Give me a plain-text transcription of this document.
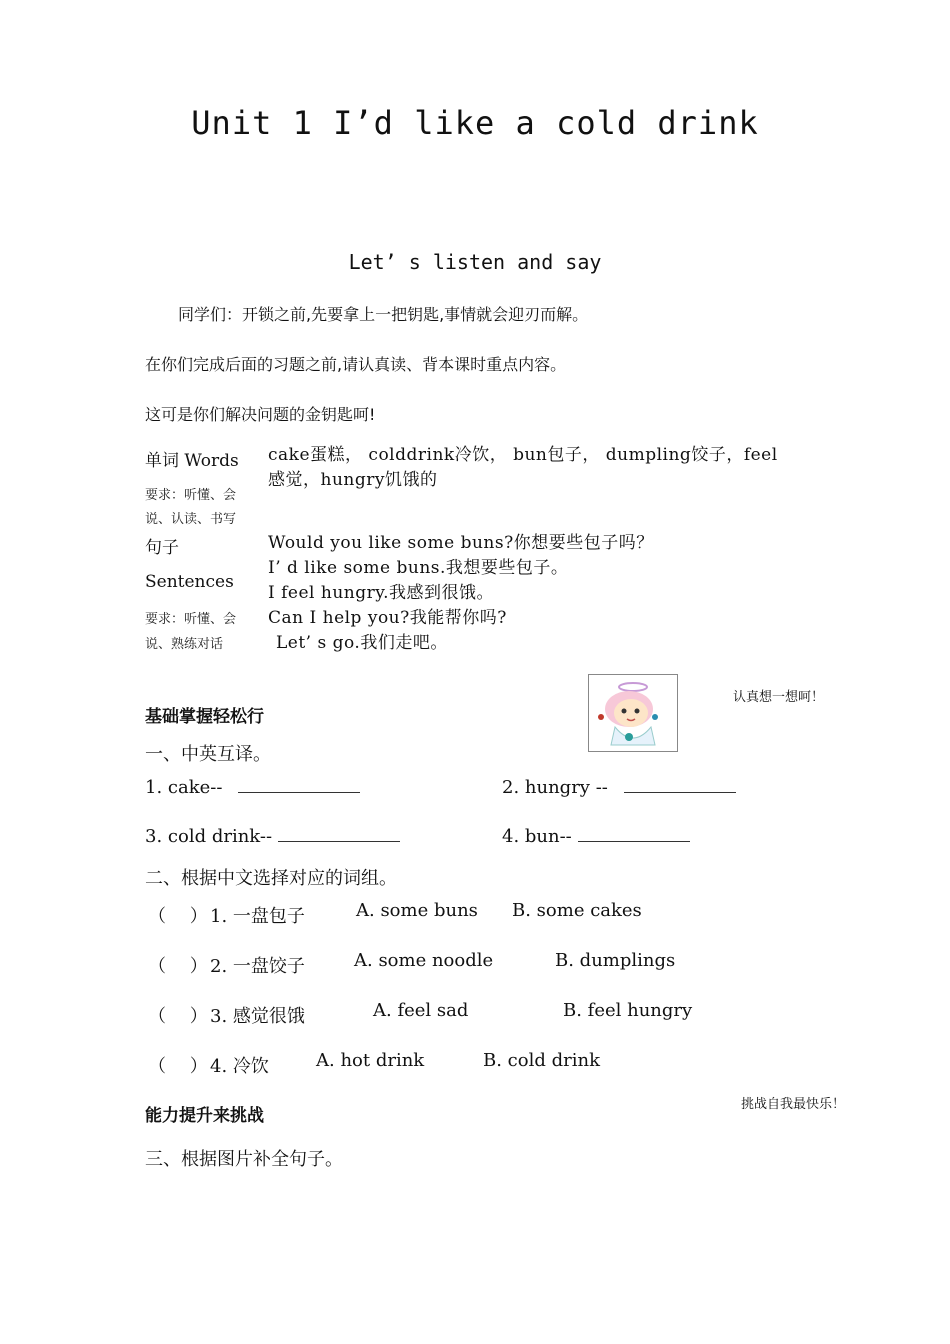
Unit 1 I’d like a cold drink
Let’ s listen and say
同学们：开锁之前,先要拿上一把钥匙,事情就会迎刃而解。
在你们完成后面的习题之前,请认真读、背本课时重点内容。
这可是你们解决问题的金钥匙呵!
单词 Words
要求：听懂、会
说、认读、书写
cake蛋糕， colddrink冷饮， bun包子， dumpling饺子，feel
感觉，hungry饥饿的
句子
Sentences
要求：听懂、会
说、熟练对话
Would you like some buns?你想要些包子吗？
I’ d like some buns.我想要些包子。
I feel hungry.我感到很饿。
Can I help you?我能帮你吗?
Let’ s go.我们走吧。
基础掌握轻松行
认真想一想呵！
一、中英互译。
1. cake--	2. hungry --
3. cold drink--	4. bun--
二、根据中文选择对应的词组。
（　 ） 1. 一盘包子	A. some buns B. some cakes
（　 ） 2. 一盘饺子	A. some noodle	B. dumplings
（　 ） 3. 感觉很饿	A. feel sad	B. feel hungry
（　 ） 4. 冷饮	A. hot drink	B. cold drink
挑战自我最快乐！
能力提升来挑战
三、根据图片补全句子。
